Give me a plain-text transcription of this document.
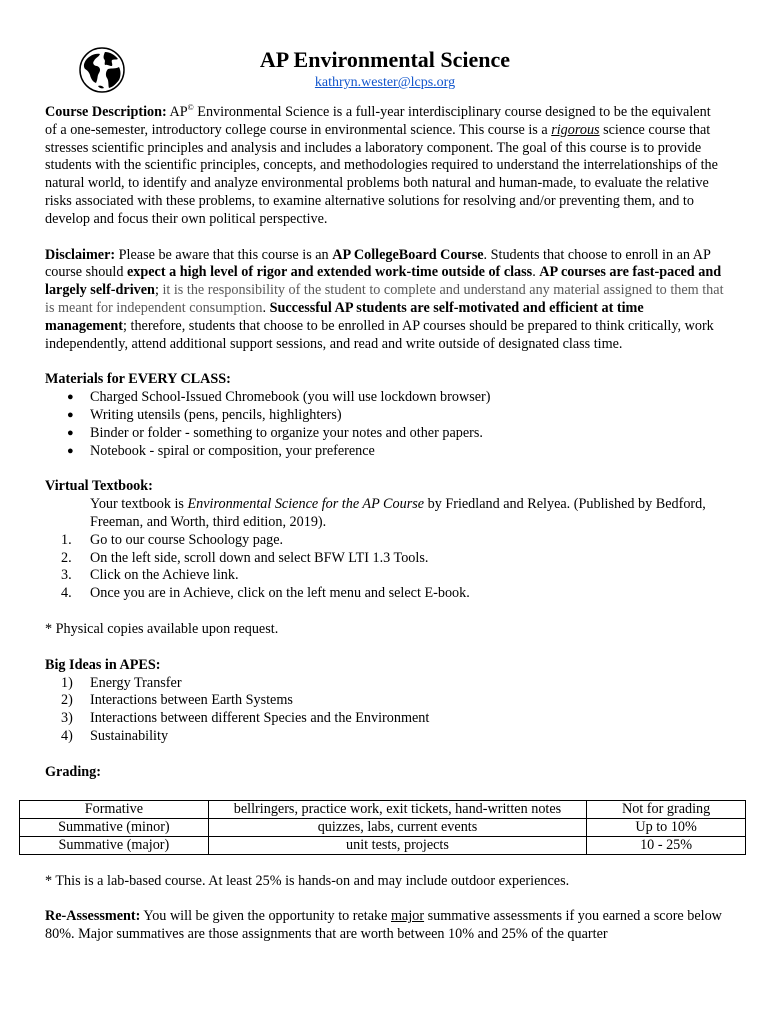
AP Environmental Science
kathryn.wester@lcps.org

Course Description: AP© Environmental Science is a full-year interdisciplinary course designed to be the equivalent of a one-semester, introductory college course in environmental science. This course is a rigorous science course that stresses scientific principles and analysis and includes a laboratory component. The goal of this course is to provide students with the scientific principles, concepts, and methodologies required to understand the interrelationships of the natural world, to identify and analyze environmental problems both natural and human-made, to evaluate the relative risks associated with these problems, to examine alternative solutions for resolving and/or preventing them, and to develop and focus their own political perspective.

Disclaimer: Please be aware that this course is an AP CollegeBoard Course. Students that choose to enroll in an AP course should expect a high level of rigor and extended work-time outside of class. AP courses are fast-paced and largely self-driven; it is the responsibility of the student to complete and understand any material assigned to them that is meant for independent consumption. Successful AP students are self-motivated and efficient at time management; therefore, students that choose to be enrolled in AP courses should be prepared to think critically, work independently, attend additional support sessions, and read and write outside of designated class time.

Materials for EVERY CLASS:

● Charged School-Issued Chromebook (you will use lockdown browser)
● Writing utensils (pens, pencils, highlighters)
● Binder or folder - something to organize your notes and other papers.
● Notebook - spiral or composition, your preference

Virtual Textbook:

Your textbook is Environmental Science for the AP Course by Friedland and Relyea. (Published by Bedford, Freeman, and Worth, third edition, 2019).

1. Go to our course Schoology page.
2. On the left side, scroll down and select BFW LTI 1.3 Tools.
3. Click on the Achieve link.
4. Once you are in Achieve, click on the left menu and select E-book.

* Physical copies available upon request.

Big Ideas in APES:

1) Energy Transfer
2) Interactions between Earth Systems
3) Interactions between different Species and the Environment
4) Sustainability

Grading:

Formative	bellringers, practice work, exit tickets, hand-written notes	Not for grading
Summative (minor)	quizzes, labs, current events	Up to 10%
Summative (major)	unit tests, projects	10 - 25%

* This is a lab-based course. At least 25% is hands-on and may include outdoor experiences.

Re-Assessment: You will be given the opportunity to retake major summative assessments if you earned a score below 80%. Major summatives are those assignments that are worth between 10% and 25% of the quarter
